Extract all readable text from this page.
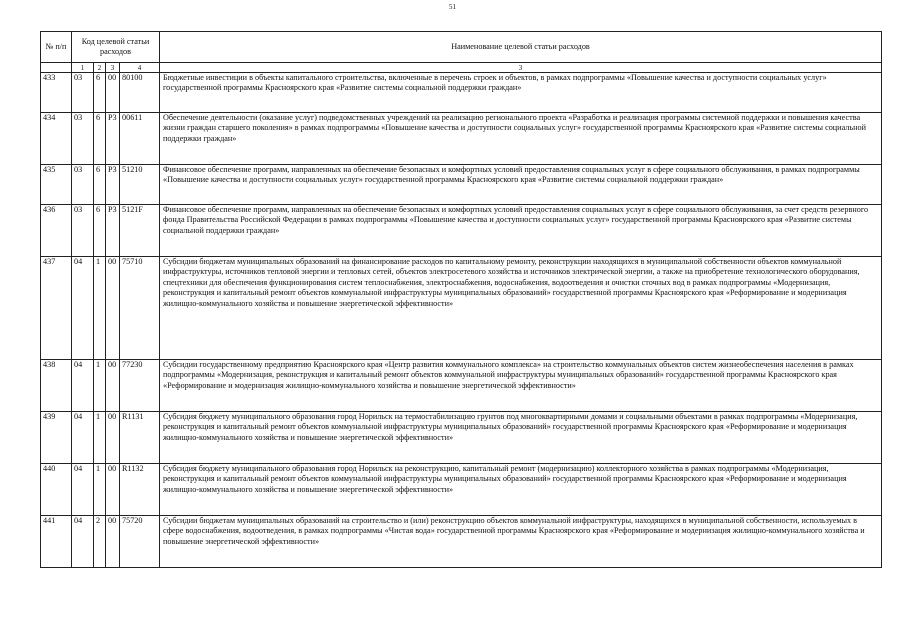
51
№ п/п	Код целевой статьи расходов				Наименование целевой статьи расходов
	1	2	3	4	3
433	03	6	00	80100	Бюджетные инвестиции в объекты капитального строительства, включенные в перечень строек и объектов, в рамках подпрограммы «Повышение качества и доступности социальных услуг» государственной программы Красноярского края «Развитие системы социальной поддержки граждан»
434	03	6	Р3	00611	Обеспечение деятельности (оказание услуг) подведомственных учреждений на реализацию регионального проекта «Разработка и реализация программы системной поддержки и повышения качества жизни граждан старшего поколения» в рамках подпрограммы «Повышение качества и доступности социальных услуг» государственной программы Красноярского края «Развитие системы социальной поддержки граждан»
435	03	6	Р3	51210	Финансовое обеспечение программ, направленных на обеспечение безопасных и комфортных условий предоставления социальных услуг в сфере социального обслуживания, в рамках подпрограммы «Повышение качества и доступности социальных услуг» государственной программы Красноярского края «Развитие системы социальной поддержки граждан»
436	03	6	Р3	5121F	Финансовое обеспечение программ, направленных на обеспечение безопасных и комфортных условий предоставления социальных услуг в сфере социального обслуживания, за счет средств резервного фонда Правительства Российской Федерации в рамках подпрограммы «Повышение качества и доступности социальных услуг» государственной программы Красноярского края «Развитие системы социальной поддержки граждан»
437	04	1	00	75710	Субсидии бюджетам муниципальных образований на финансирование расходов по капитальному ремонту, реконструкции находящихся в муниципальной собственности объектов коммунальной инфраструктуры, источников тепловой энергии и тепловых сетей, объектов электросетевого хозяйства и источников электрической энергии, а также на приобретение технологического оборудования, спецтехники для обеспечения функционирования систем теплоснабжения, электроснабжения, водоснабжения, водоотведения и очистки сточных вод в рамках подпрограммы «Модернизация, реконструкция и капитальный ремонт объектов коммунальной инфраструктуры муниципальных образований» государственной программы Красноярского края «Реформирование и модернизация жилищно-коммунального хозяйства и повышение энергетической эффективности»
438	04	1	00	77230	Субсидии государственному предприятию Красноярского края «Центр развития коммунального комплекса» на строительство коммунальных объектов систем жизнеобеспечения населения в рамках подпрограммы «Модернизация, реконструкция и капитальный ремонт объектов коммунальной инфраструктуры муниципальных образований» государственной программы Красноярского края «Реформирование и модернизация жилищно-коммунального хозяйства и повышение энергетической эффективности»
439	04	1	00	R1131	Субсидия бюджету муниципального образования город Норильск на термостабилизацию грунтов под многоквартирными домами и социальными объектами в рамках подпрограммы «Модернизация, реконструкция и капитальный ремонт объектов коммунальной инфраструктуры муниципальных образований» государственной программы Красноярского края «Реформирование и модернизация жилищно-коммунального хозяйства и повышение энергетической эффективности»
440	04	1	00	R1132	Субсидия бюджету муниципального образования город Норильск на реконструкцию, капитальный ремонт (модернизацию) коллекторного хозяйства в рамках подпрограммы «Модернизация, реконструкция и капитальный ремонт объектов коммунальной инфраструктуры муниципальных образований» государственной программы Красноярского края «Реформирование и модернизация жилищно-коммунального хозяйства и повышение энергетической эффективности»
441	04	2	00	75720	Субсидии бюджетам муниципальных образований на строительство и (или) реконструкцию объектов коммунальной инфраструктуры, находящихся в муниципальной собственности, используемых в сфере водоснабжения, водоотведения, в рамках подпрограммы «Чистая вода» государственной программы Красноярского края «Реформирование и модернизация жилищно-коммунального хозяйства и повышение энергетической эффективности»
